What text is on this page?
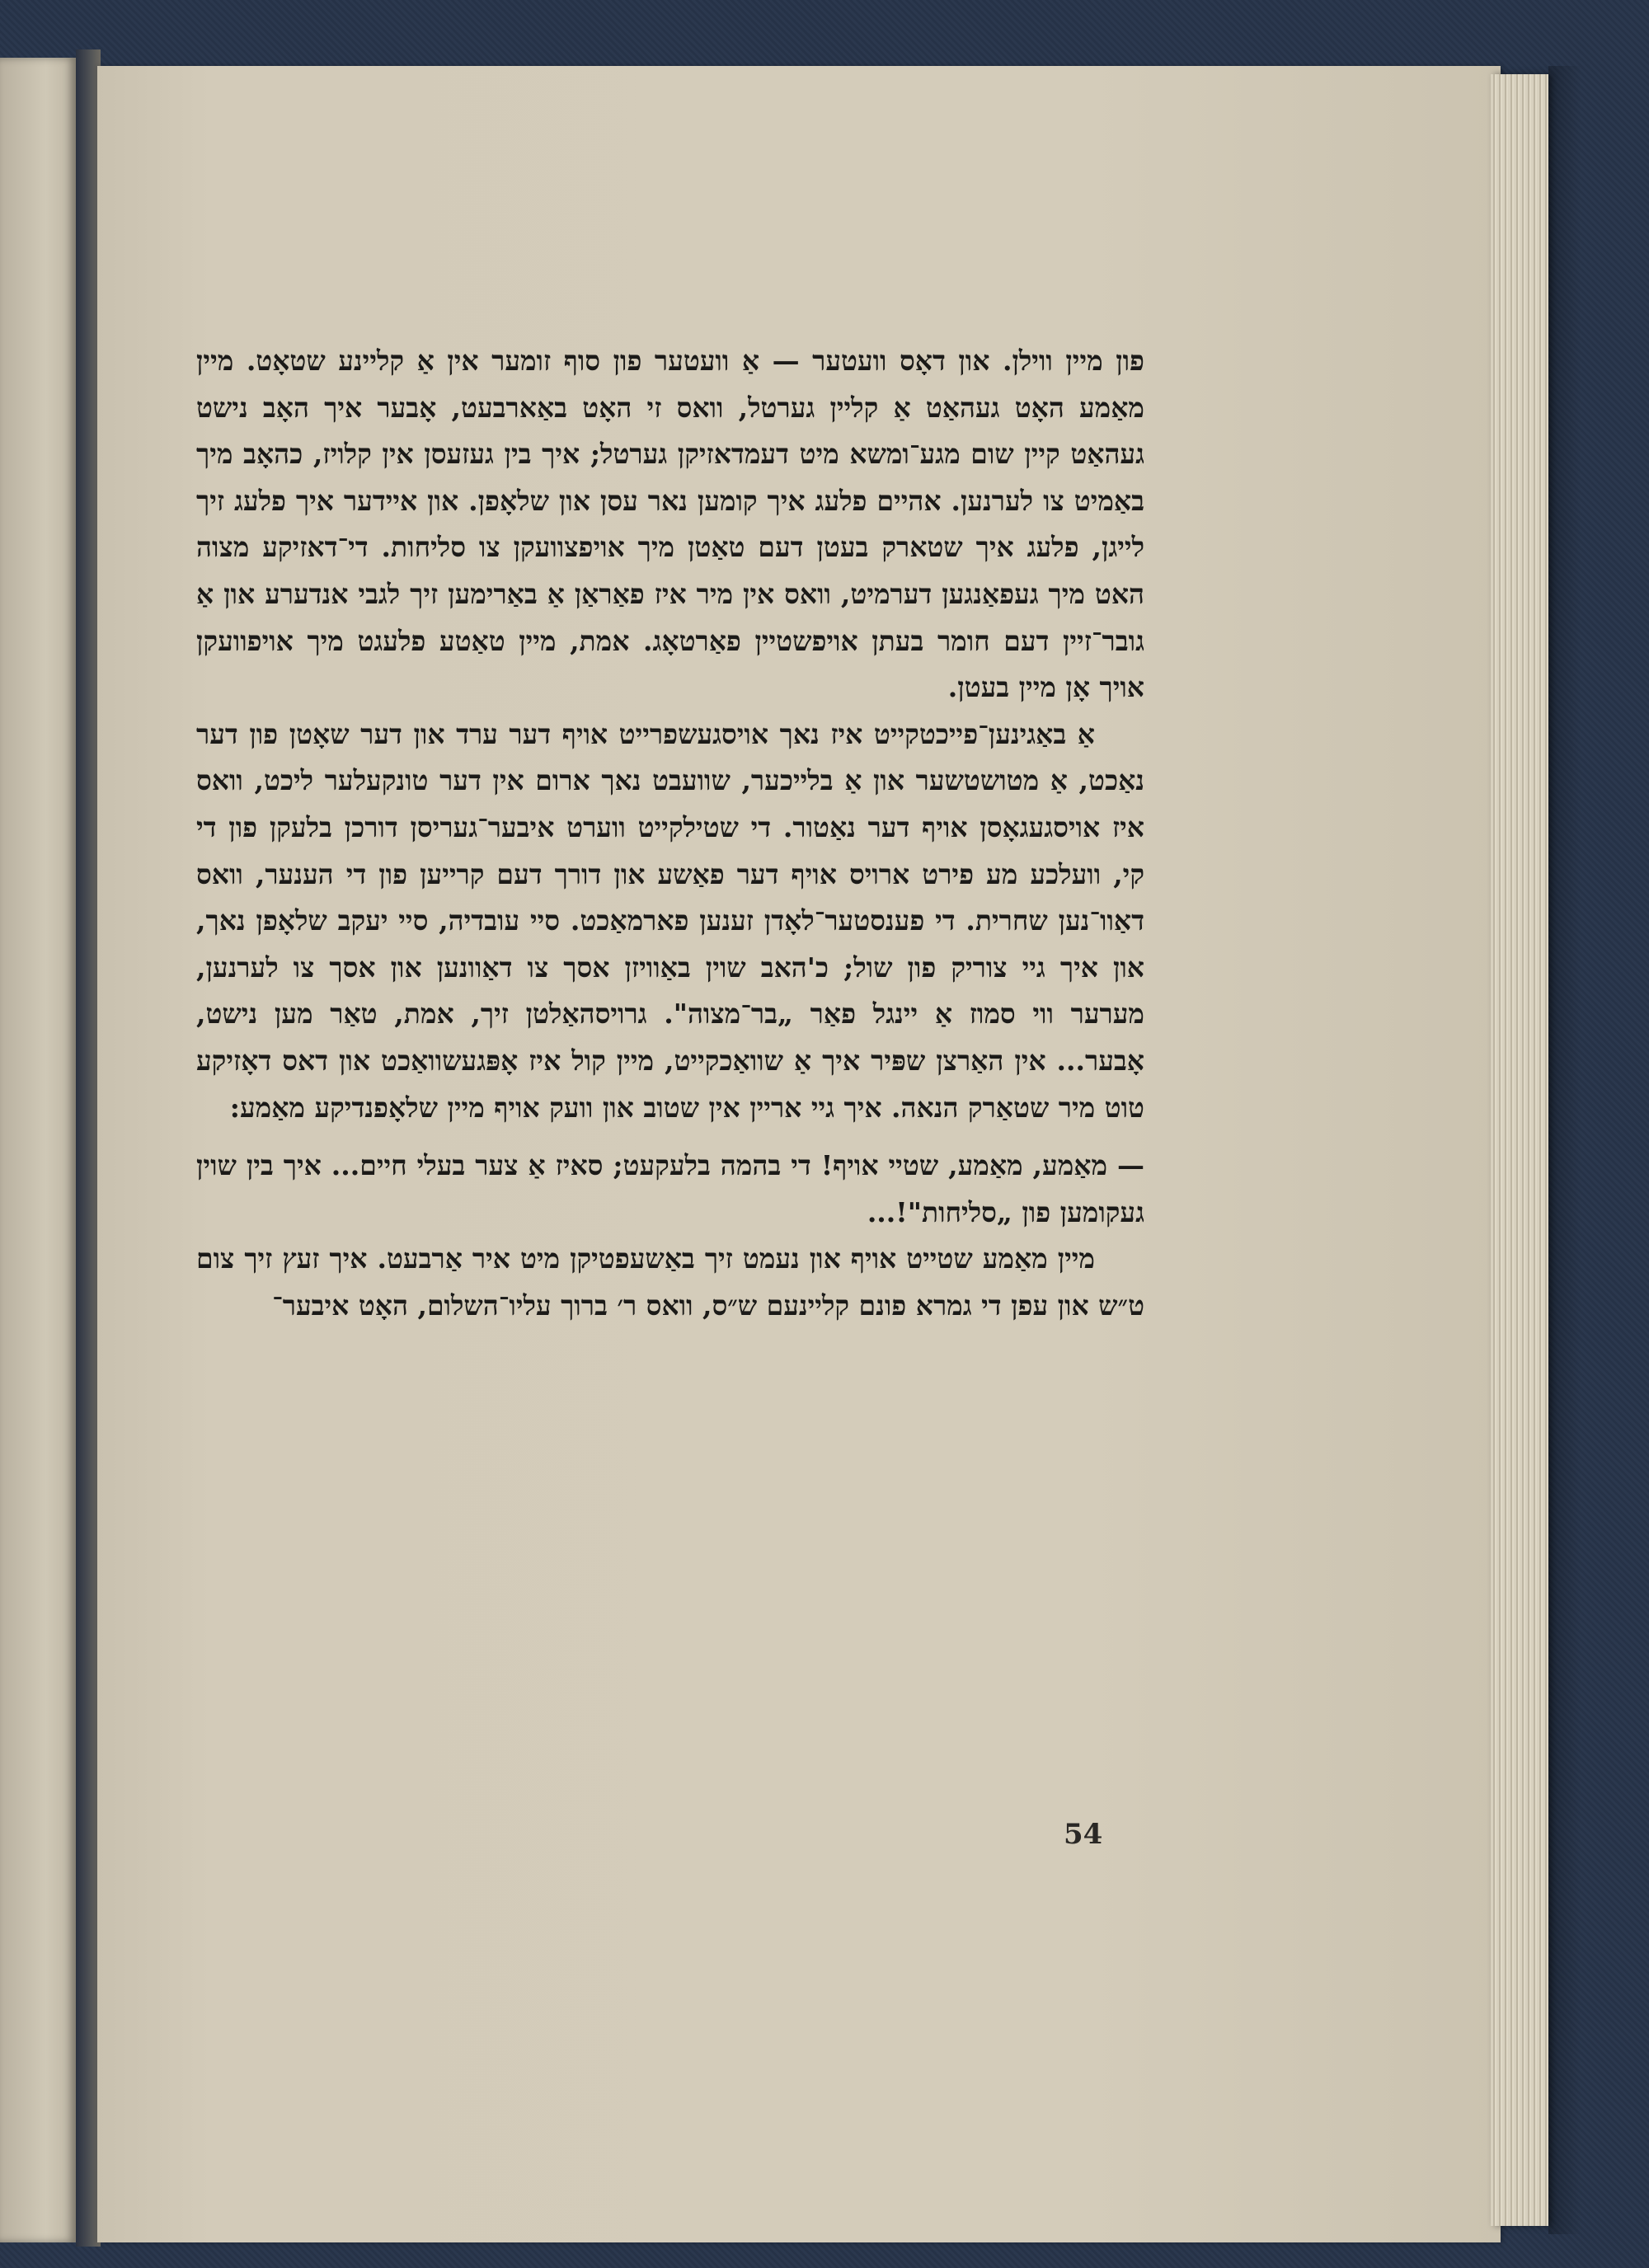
פון מיין ווילן. און דאָס וועטער — אַ וועטער פון סוף זומער אין אַ קליינע שטאָט. מיין מאַמע האָט געהאַט אַ קליין גערטל, וואס זי האָט באַארבעט, אָבער איך האָב נישט געהאַט קיין שום מגע־ומשא מיט דעמדאזיקן גערטל; איך בין געזעסן אין קלויז, כהאָב מיך באַמיט צו לערנען. אהיים פלעג איך קומען נאר עסן און שלאָפן. און איידער איך פלעג זיך לייגן, פלעג איך שטארק בעטן דעם טאַטן מיך אויפצוועקן צו סליחות. די־דאזיקע מצוה האט מיך געפאַנגען דערמיט, וואס אין מיר איז פאַראַן אַ באַרימען זיך לגבי אנדערע און אַ גובר־זיין דעם חומר בעתן אויפשטיין פאַרטאָג. אמת, מיין טאַטע פלעגט מיך אויפוועקן אויך אָן מיין בעטן.

אַ באַגינען־פייכטקייט איז נאך אויסגעשפרייט אויף דער ערד און דער שאָטן פון דער נאַכט, אַ מטושטשער און אַ בלייכער, שוועבט נאך ארום אין דער טונקעלער ליכט, וואס איז אויסגעגאָסן אויף דער נאַטור. די שטילקייט ווערט איבער־געריסן דורכן בלעקן פון די קי, וועלכע מע פירט ארויס אויף דער פאַשע און דורך דעם קרייען פון די הענער, וואס דאַוו־נען שחרית. די פענסטער־לאָדן זענען פארמאַכט. סיי עובדיה, סיי יעקב שלאָפן נאך, און איך גיי צוריק פון שול; כ'האב שוין באַוויזן אסך צו דאַוונען און אסך צו לערנען, מערער ווי סמוז אַ יינגל פאַר „בר־מצוה". גרויסהאַלטן זיך, אמת, טאַר מען נישט, אָבער... אין האַרצן שפּיר איך אַ שוואַכקייט, מיין קול איז אָפּגעשוואַכט און דאס דאָזיקע טוט מיר שטאַרק הנאה. איך גיי אריין אין שטוב און וועק אויף מיין שלאָפנדיקע מאַמע:

— מאַמע, מאַמע, שטיי אויף! די בהמה בלעקעט; סאיז אַ צער בעלי חיים... איך בין שוין געקומען פון „סליחות"!...

מיין מאַמע שטייט אויף און נעמט זיך באַשעפטיקן מיט איר אַרבעט. איך זעץ זיך צום ט״ש און עפן די גמרא פונם קליינעם ש״ס, וואס ר׳ ברוך עליו־השלום, האָט איבער־

54
